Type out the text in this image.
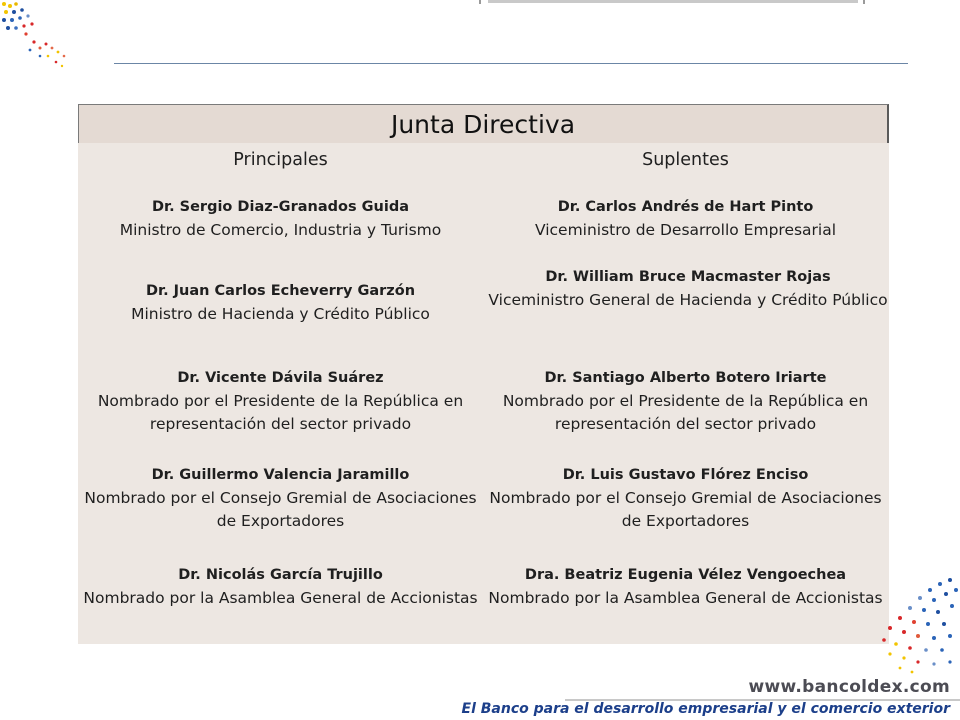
Junta Directiva
Principales	Suplentes
Dr. Sergio Diaz-Granados Guida
Ministro de Comercio, Industria y Turismo
Dr. Carlos Andrés de Hart Pinto
Viceministro de Desarrollo Empresarial
Dr. Juan Carlos Echeverry Garzón
Ministro de Hacienda y Crédito Público
Dr. William Bruce Macmaster Rojas
Viceministro General de Hacienda y Crédito Público
Dr. Vicente Dávila Suárez
Nombrado por el Presidente de la República en representación del sector privado
Dr. Santiago Alberto Botero Iriarte
Nombrado por el Presidente de la República en representación del sector privado
Dr. Guillermo Valencia Jaramillo
Nombrado por el Consejo Gremial de Asociaciones de Exportadores
Dr. Luis Gustavo Flórez Enciso
Nombrado por el Consejo Gremial de Asociaciones de Exportadores
Dr. Nicolás García Trujillo
Nombrado por la Asamblea General de Accionistas
Dra. Beatriz Eugenia Vélez Vengoechea
Nombrado por la Asamblea General de Accionistas
www.bancoldex.com
El Banco para el desarrollo empresarial y el comercio exterior
